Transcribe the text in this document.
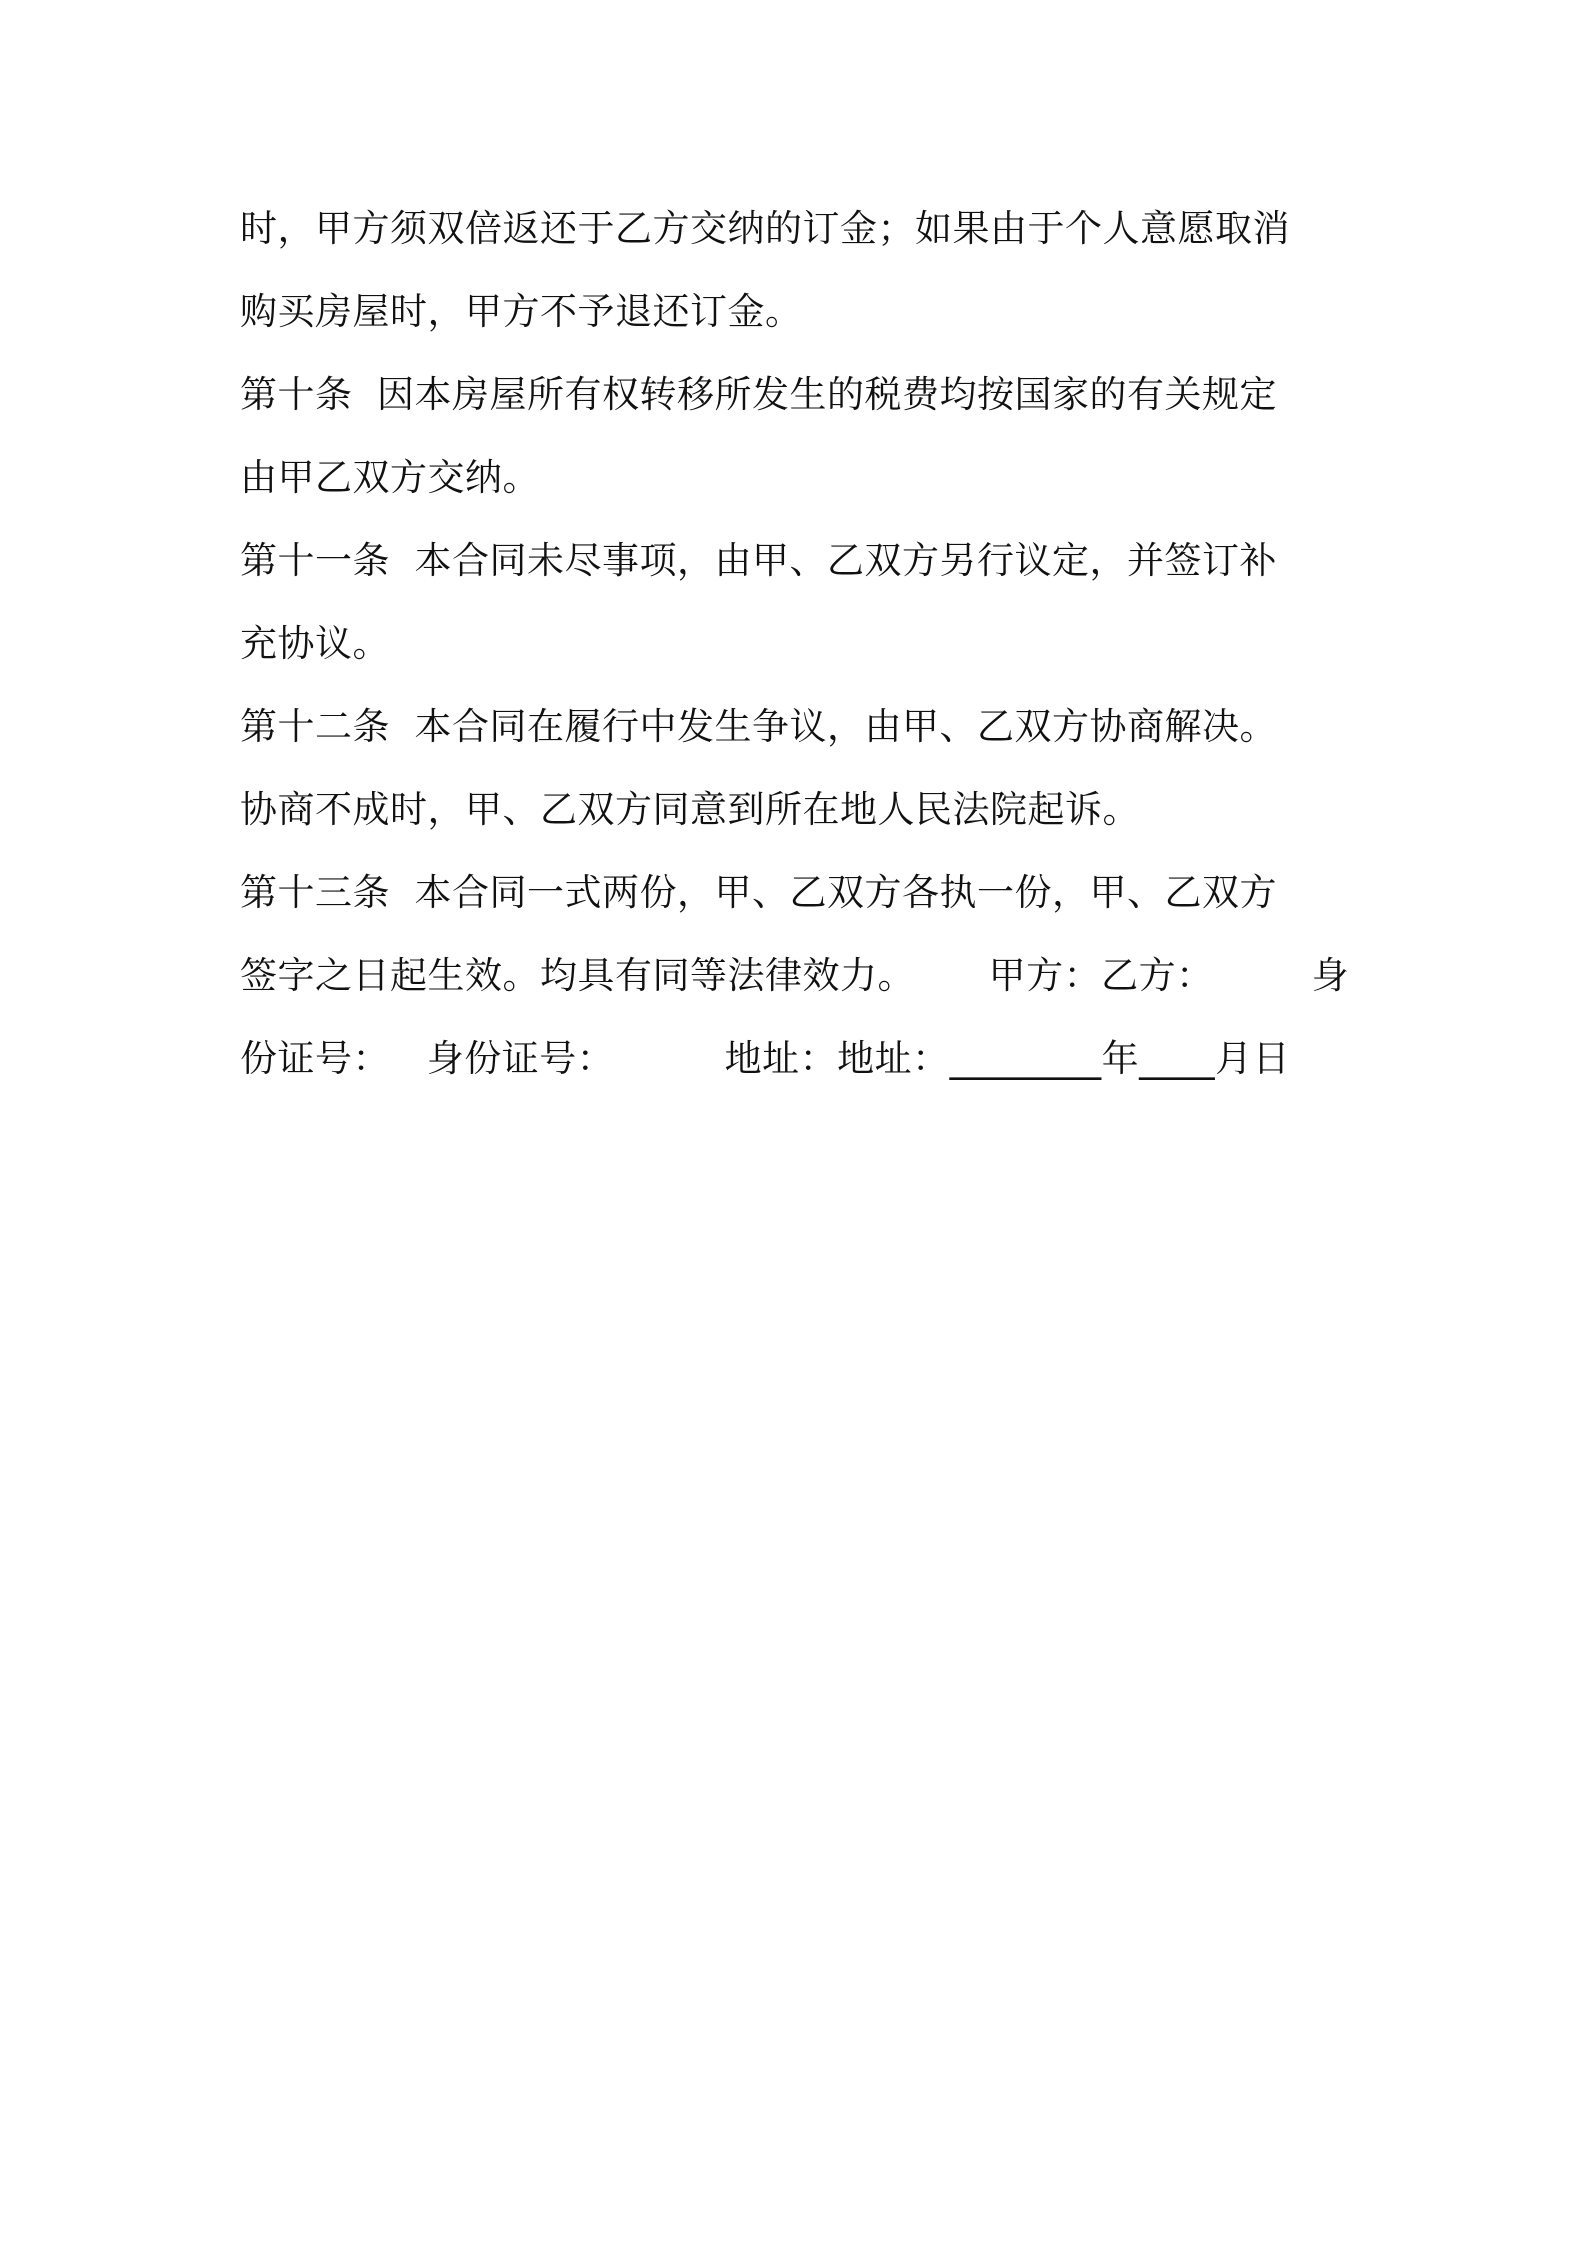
时，甲方须双倍返还于乙方交纳的订金；如果由于个人意愿取消
购买房屋时，甲方不予退还订金。
第十条  因本房屋所有权转移所发生的税费均按国家的有关规定
由甲乙双方交纳。
第十一条  本合同未尽事项，由甲、乙双方另行议定，并签订补
充协议。
第十二条  本合同在履行中发生争议，由甲、乙双方协商解决。
协商不成时，甲、乙双方同意到所在地人民法院起诉。
第十三条  本合同一式两份，甲、乙双方各执一份，甲、乙双方
签字之日起生效。均具有同等法律效力。      甲方：乙方：        身
份证号：   身份证号：         地址：地址：________年____月日
